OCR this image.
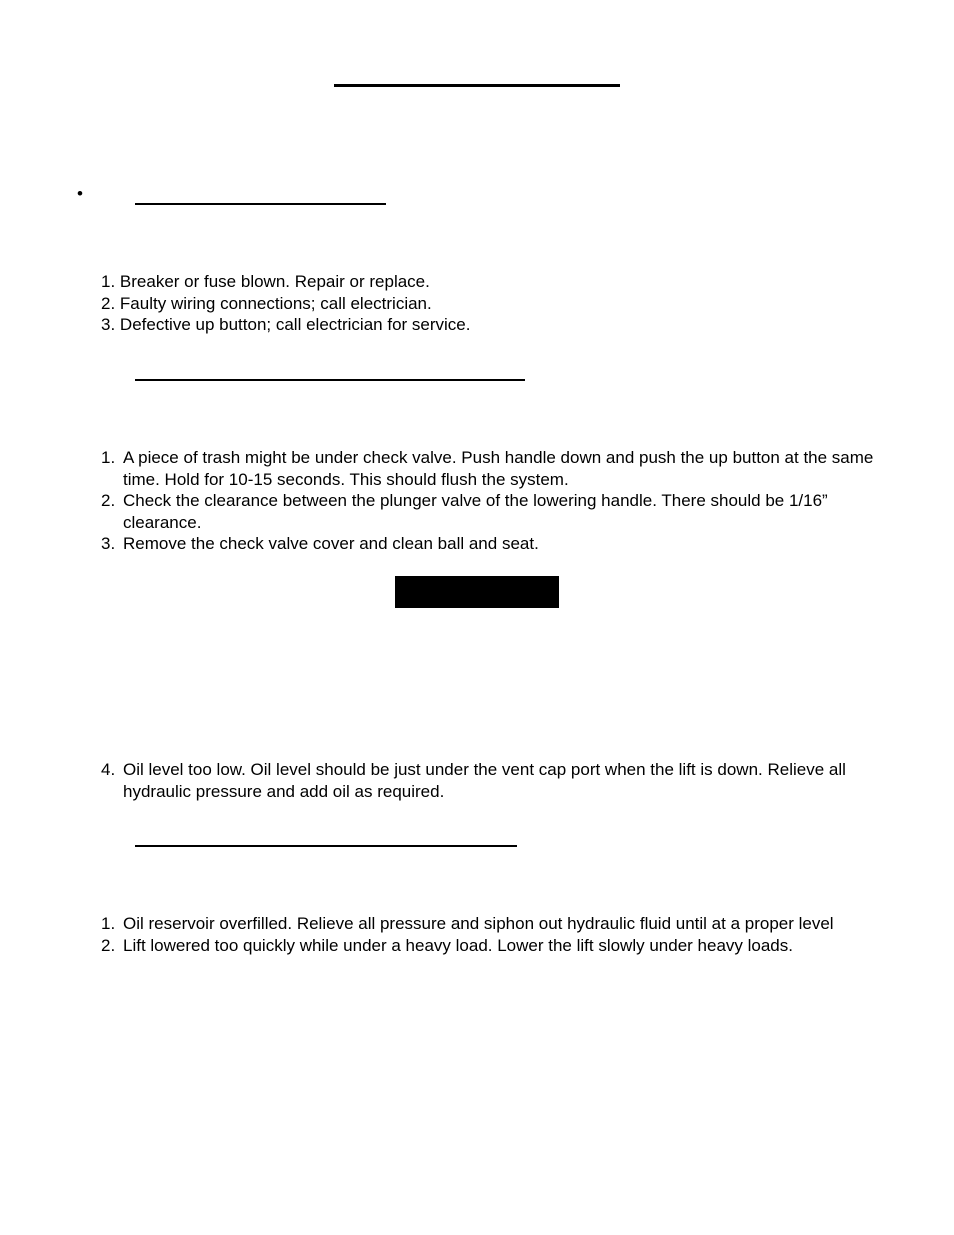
•
1. Breaker or fuse blown. Repair or replace.
2. Faulty wiring connections; call electrician.
3. Defective up button; call electrician for service.
1. A piece of trash might be under check valve. Push handle down and push the up button at the same time. Hold for 10-15 seconds. This should flush the system.
2. Check the clearance between the plunger valve of the lowering handle. There should be 1/16” clearance.
3. Remove the check valve cover and clean ball and seat.
4. Oil level too low. Oil level should be just under the vent cap port when the lift is down. Relieve all hydraulic pressure and add oil as required.
1. Oil reservoir overfilled. Relieve all pressure and siphon out hydraulic fluid until at a proper level
2. Lift lowered too quickly while under a heavy load. Lower the lift slowly under heavy loads.
